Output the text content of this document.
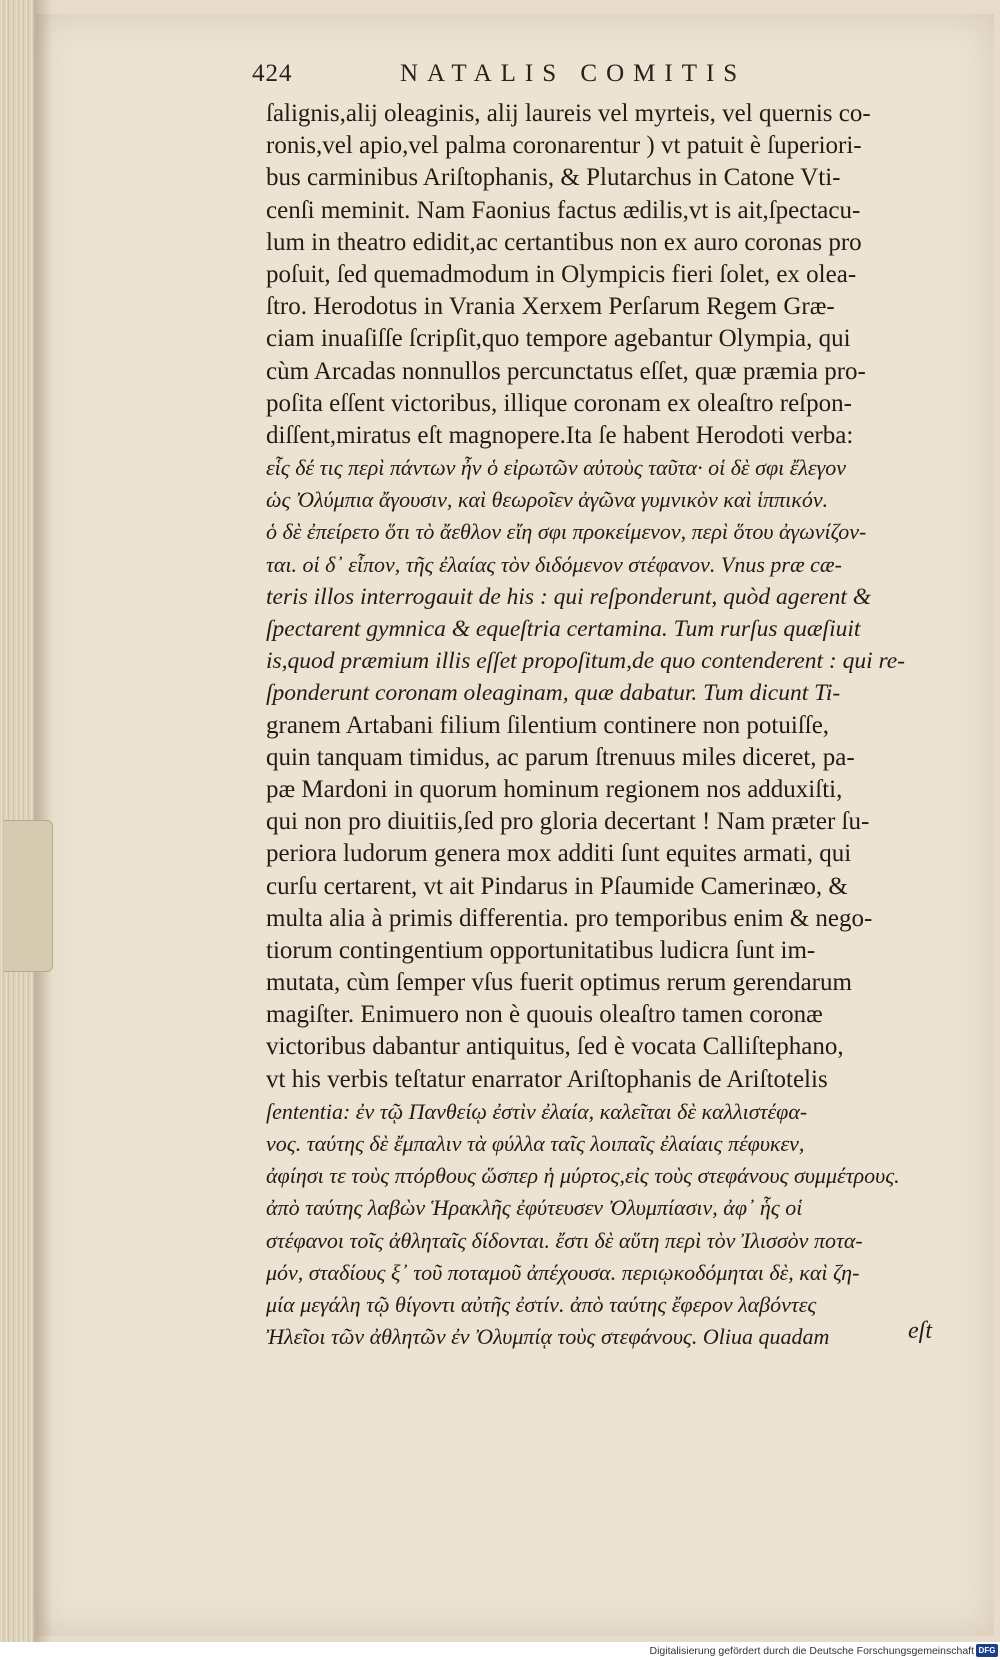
424	NATALIS COMITIS
ſalignis,alij oleaginis, alij laureis vel myrteis, vel quernis co-
ronis,vel apio,vel palma coronarentur ) vt patuit è ſuperiori-
bus carminibus Ariſtophanis, & Plutarchus in Catone Vti-
cenſi meminit. Nam Faonius factus ædilis,vt is ait,ſpectacu-
lum in theatro edidit,ac certantibus non ex auro coronas pro
poſuit, ſed quemadmodum in Olympicis fieri ſolet, ex olea-
ſtro. Herodotus in Vrania Xerxem Perſarum Regem Græ-
ciam inuaſiſſe ſcripſit,quo tempore agebantur Olympia, qui
cùm Arcadas nonnullos percunctatus eſſet, quæ præmia pro-
poſita eſſent victoribus, illique coronam ex oleaſtro reſpon-
diſſent,miratus eſt magnopere.Ita ſe habent Herodoti verba:
εἷς δέ τις περὶ πάντων ἦν ὁ εἰρωτῶν αὐτοὺς ταῦτα· οἱ δὲ σφι ἔλεγον
ὡς Ὀλύμπια ἄγουσιν, καὶ θεωροῖεν ἀγῶνα γυμνικὸν καὶ ἱππικόν.
ὁ δὲ ἐπείρετο ὅτι τὸ ἄεθλον εἴη σφι προκείμενον, περὶ ὅτου ἀγωνίζον-
ται. οἱ δ᾽ εἶπον, τῆς ἐλαίας τὸν διδόμενον στέφανον. Vnus præ cæ-
teris illos interrogauit de his : qui reſponderunt, quòd agerent &
ſpectarent gymnica & equeſtria certamina. Tum rurſus quæſiuit
is,quod præmium illis eſſet propoſitum,de quo contenderent : qui re-
ſponderunt coronam oleaginam, quæ dabatur. Tum dicunt Ti-
granem Artabani filium ſilentium continere non potuiſſe,
quin tanquam timidus, ac parum ſtrenuus miles diceret, pa-
pæ Mardoni in quorum hominum regionem nos adduxiſti,
qui non pro diuitiis,ſed pro gloria decertant ! Nam præter ſu-
periora ludorum genera mox additi ſunt equites armati, qui
curſu certarent, vt ait Pindarus in Pſaumide Camerinæo, &
multa alia à primis differentia. pro temporibus enim & nego-
tiorum contingentium opportunitatibus ludicra ſunt im-
mutata, cùm ſemper vſus fuerit optimus rerum gerendarum
magiſter. Enimuero non è quouis oleaſtro tamen coronæ
victoribus dabantur antiquitus, ſed è vocata Calliſtephano,
vt his verbis teſtatur enarrator Ariſtophanis de Ariſtotelis
ſententia: ἐν τῷ Πανθείῳ ἐστὶν ἐλαία, καλεῖται δὲ καλλιστέφα-
νος. ταύτης δὲ ἔμπαλιν τὰ φύλλα ταῖς λοιπαῖς ἐλαίαις πέφυκεν,
ἀφίησι τε τοὺς πτόρθους ὥσπερ ἡ μύρτος,εἰς τοὺς στεφάνους συμμέτρους.
ἀπὸ ταύτης λαβὼν Ἡρακλῆς ἐφύτευσεν Ὀλυμπίασιν, ἀφ᾽ ἧς οἱ
στέφανοι τοῖς ἀθληταῖς δίδονται. ἔστι δὲ αὕτη περὶ τὸν Ἰλισσὸν ποτα-
μόν, σταδίους ξ᾽ τοῦ ποταμοῦ ἀπέχουσα. περιῳκοδόμηται δὲ, καὶ ζη-
μία μεγάλη τῷ θίγοντι αὐτῆς ἐστίν. ἀπὸ ταύτης ἔφερον λαβόντες
Ἠλεῖοι τῶν ἀθλητῶν ἐν Ὀλυμπίᾳ τοὺς στεφάνους. Oliua quadam	eſt
Digitalisierung gefördert durch die Deutsche Forschungsgemeinschaft DFG
